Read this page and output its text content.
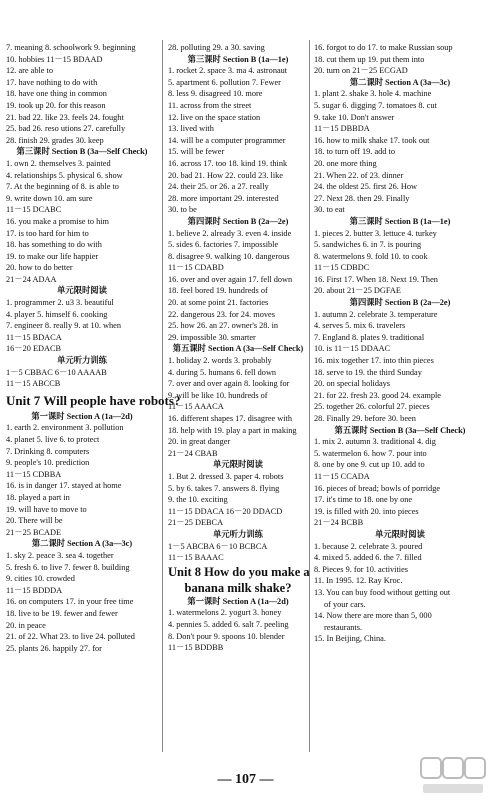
7. meaning 8. schoolwork 9. beginning
10. hobbies 11－15 BDAAD
12. are able to
17. have nothing to do with
18. have one thing in common
19. took up 20. for this reason
21. bad 22. like 23. feels 24. fought
25. bad 26. reso utions 27. carefully
28. finish 29. grades 30. keep
第三课时 Section B (3a—Self Check)
1. own 2. themselves 3. painted
4. relationships 5. physical 6. show
7. At the beginning of 8. is able to
9. write down 10. am sure
11－15 DCABC
16. you make a promise to him
17. is too hard for him to
18. has something to do with
19. to make our life happier
20. how to do better
21－24 ADAA
单元限时阅读
1. programmer 2. u3 3. beautiful
4. player 5. himself 6. cooking
7. engineer 8. really 9. at 10. when
11－15 BDACA
16－20 EDACB
单元听力训练
1－5 CBBAC 6－10 AAAAB
11－15 ABCCB
Unit 7 Will people have robots?
第一课时 Section A (1a—2d)
1. earth 2. environment 3. pollution
4. planet 5. live 6. to protect
7. Drinking 8. computers
9. people's 10. prediction
11－15 CDBBA
16. is in danger 17. stayed at home
18. played a part in
19. will have to move to
20. There will be
21－25 BCADE
第二课时 Section A (3a—3c)
1. sky 2. peace 3. sea 4. together
5. fresh 6. to live 7. fewer 8. building
9. cities 10. crowded
11－15 BDDDA
16. on computers 17. in your free time
18. live to be 19. fewer and fewer
20. in peace
21. of 22. What 23. to live 24. polluted
25. plants 26. happily 27. for
28. polluting 29. a 30. saving
第三课时 Section B (1a—1e)
1. rocket 2. space 3. ma 4. astronaut
5. apartment 6. pollution 7. Fewer
8. less 9. disagreed 10. more
11. across from the street
12. live on the space station
13. lived with
14. will be a computer programmer
15. will be fewer
16. across 17. too 18. kind 19. think
20. bad 21. How 22. could 23. like
24. their 25. or 26. a 27. really
28. more important 29. interested
30. to be
第四课时 Section B (2a—2e)
1. believe 2. already 3. even 4. inside
5. sides 6. factories 7. impossible
8. disagree 9. walking 10. dangerous
11－15 CDABD
16. over and over again 17. fell down
18. feel bored 19. hundreds of
20. at some point 21. factories
22. dangerous 23. for 24. moves
25. how 26. an 27. owner's 28. in
29. impossible 30. smarter
第五课时 Section A (3a—Self Check)
1. holiday 2. words 3. probably
4. during 5. humans 6. fell down
7. over and over again 8. looking for
9. will be like 10. hundreds of
11－15 AAACA
16. different shapes 17. disagree with
18. help with 19. play a part in making
20. in great danger
21－24 CBAB
单元限时阅读
1. But 2. dressed 3. paper 4. robots
5. by 6. takes 7. answers 8. flying
9. the 10. exciting
11－15 DDACA 16－20 DDACD
21－25 DEBCA
单元听力训练
1－5 ABCBA 6－10 BCBCA
11－15 BAAAC
Unit 8 How do you make a
banana milk shake?
第一课时 Section A (1a—2d)
1. watermelons 2. yogurt 3. honey
4. pennies 5. added 6. salt 7. peeling
8. Don't pour 9. spoons 10. blender
11－15 BDDBB
16. forgot to do 17. to make Russian soup
18. cut them up 19. put them into
20. turn on 21－25 ECGAD
第二课时 Section A (3a—3c)
1. plant 2. shake 3. hole 4. machine
5. sugar 6. digging 7. tomatoes 8. cut
9. take 10. Don't answer
11－15 DBBDA
16. how to milk shake 17. took out
18. to turn off 19. add to
20. one more thing
21. When 22. of 23. dinner
24. the oldest 25. first 26. How
27. Next 28. then 29. Finally
30. to eat
第三课时 Section B (1a—1e)
1. pieces 2. butter 3. lettuce 4. turkey
5. sandwiches 6. in 7. is pouring
8. watermelons 9. fold 10. to cook
11－15 CDBDC
16. First 17. When 18. Next 19. Then
20. about 21－25 DGFAE
第四课时 Section B (2a—2e)
1. autumn 2. celebrate 3. temperature
4. serves 5. mix 6. travelers
7. England 8. plates 9. traditional
10. is 11－15 DDAAC
16. mix together 17. into thin pieces
18. serve to 19. the third Sunday
20. on special holidays
21. for 22. fresh 23. good 24. example
25. together 26. colorful 27. pieces
28. Finally 29. before 30. been
第五课时 Section B (3a—Self Check)
1. mix 2. autumn 3. traditional 4. dig
5. watermelon 6. how 7. pour into
8. one by one 9. cut up 10. add to
11－15 CCADA
16. pieces of bread; bowls of porridge
17. it's time to 18. one by one
19. is filled with 20. into pieces
21－24 BCBB
单元限时阅读
1. because 2. celebrate 3. poured
4. mixed 5. added 6. the 7. filled
8. Pieces 9. for 10. activities
11. In 1995. 12. Ray Kroc.
13. You can buy food without getting out
of your cars.
14. Now there are more than 5, 000
restaurants.
15. In Beijing, China.
— 107 —
